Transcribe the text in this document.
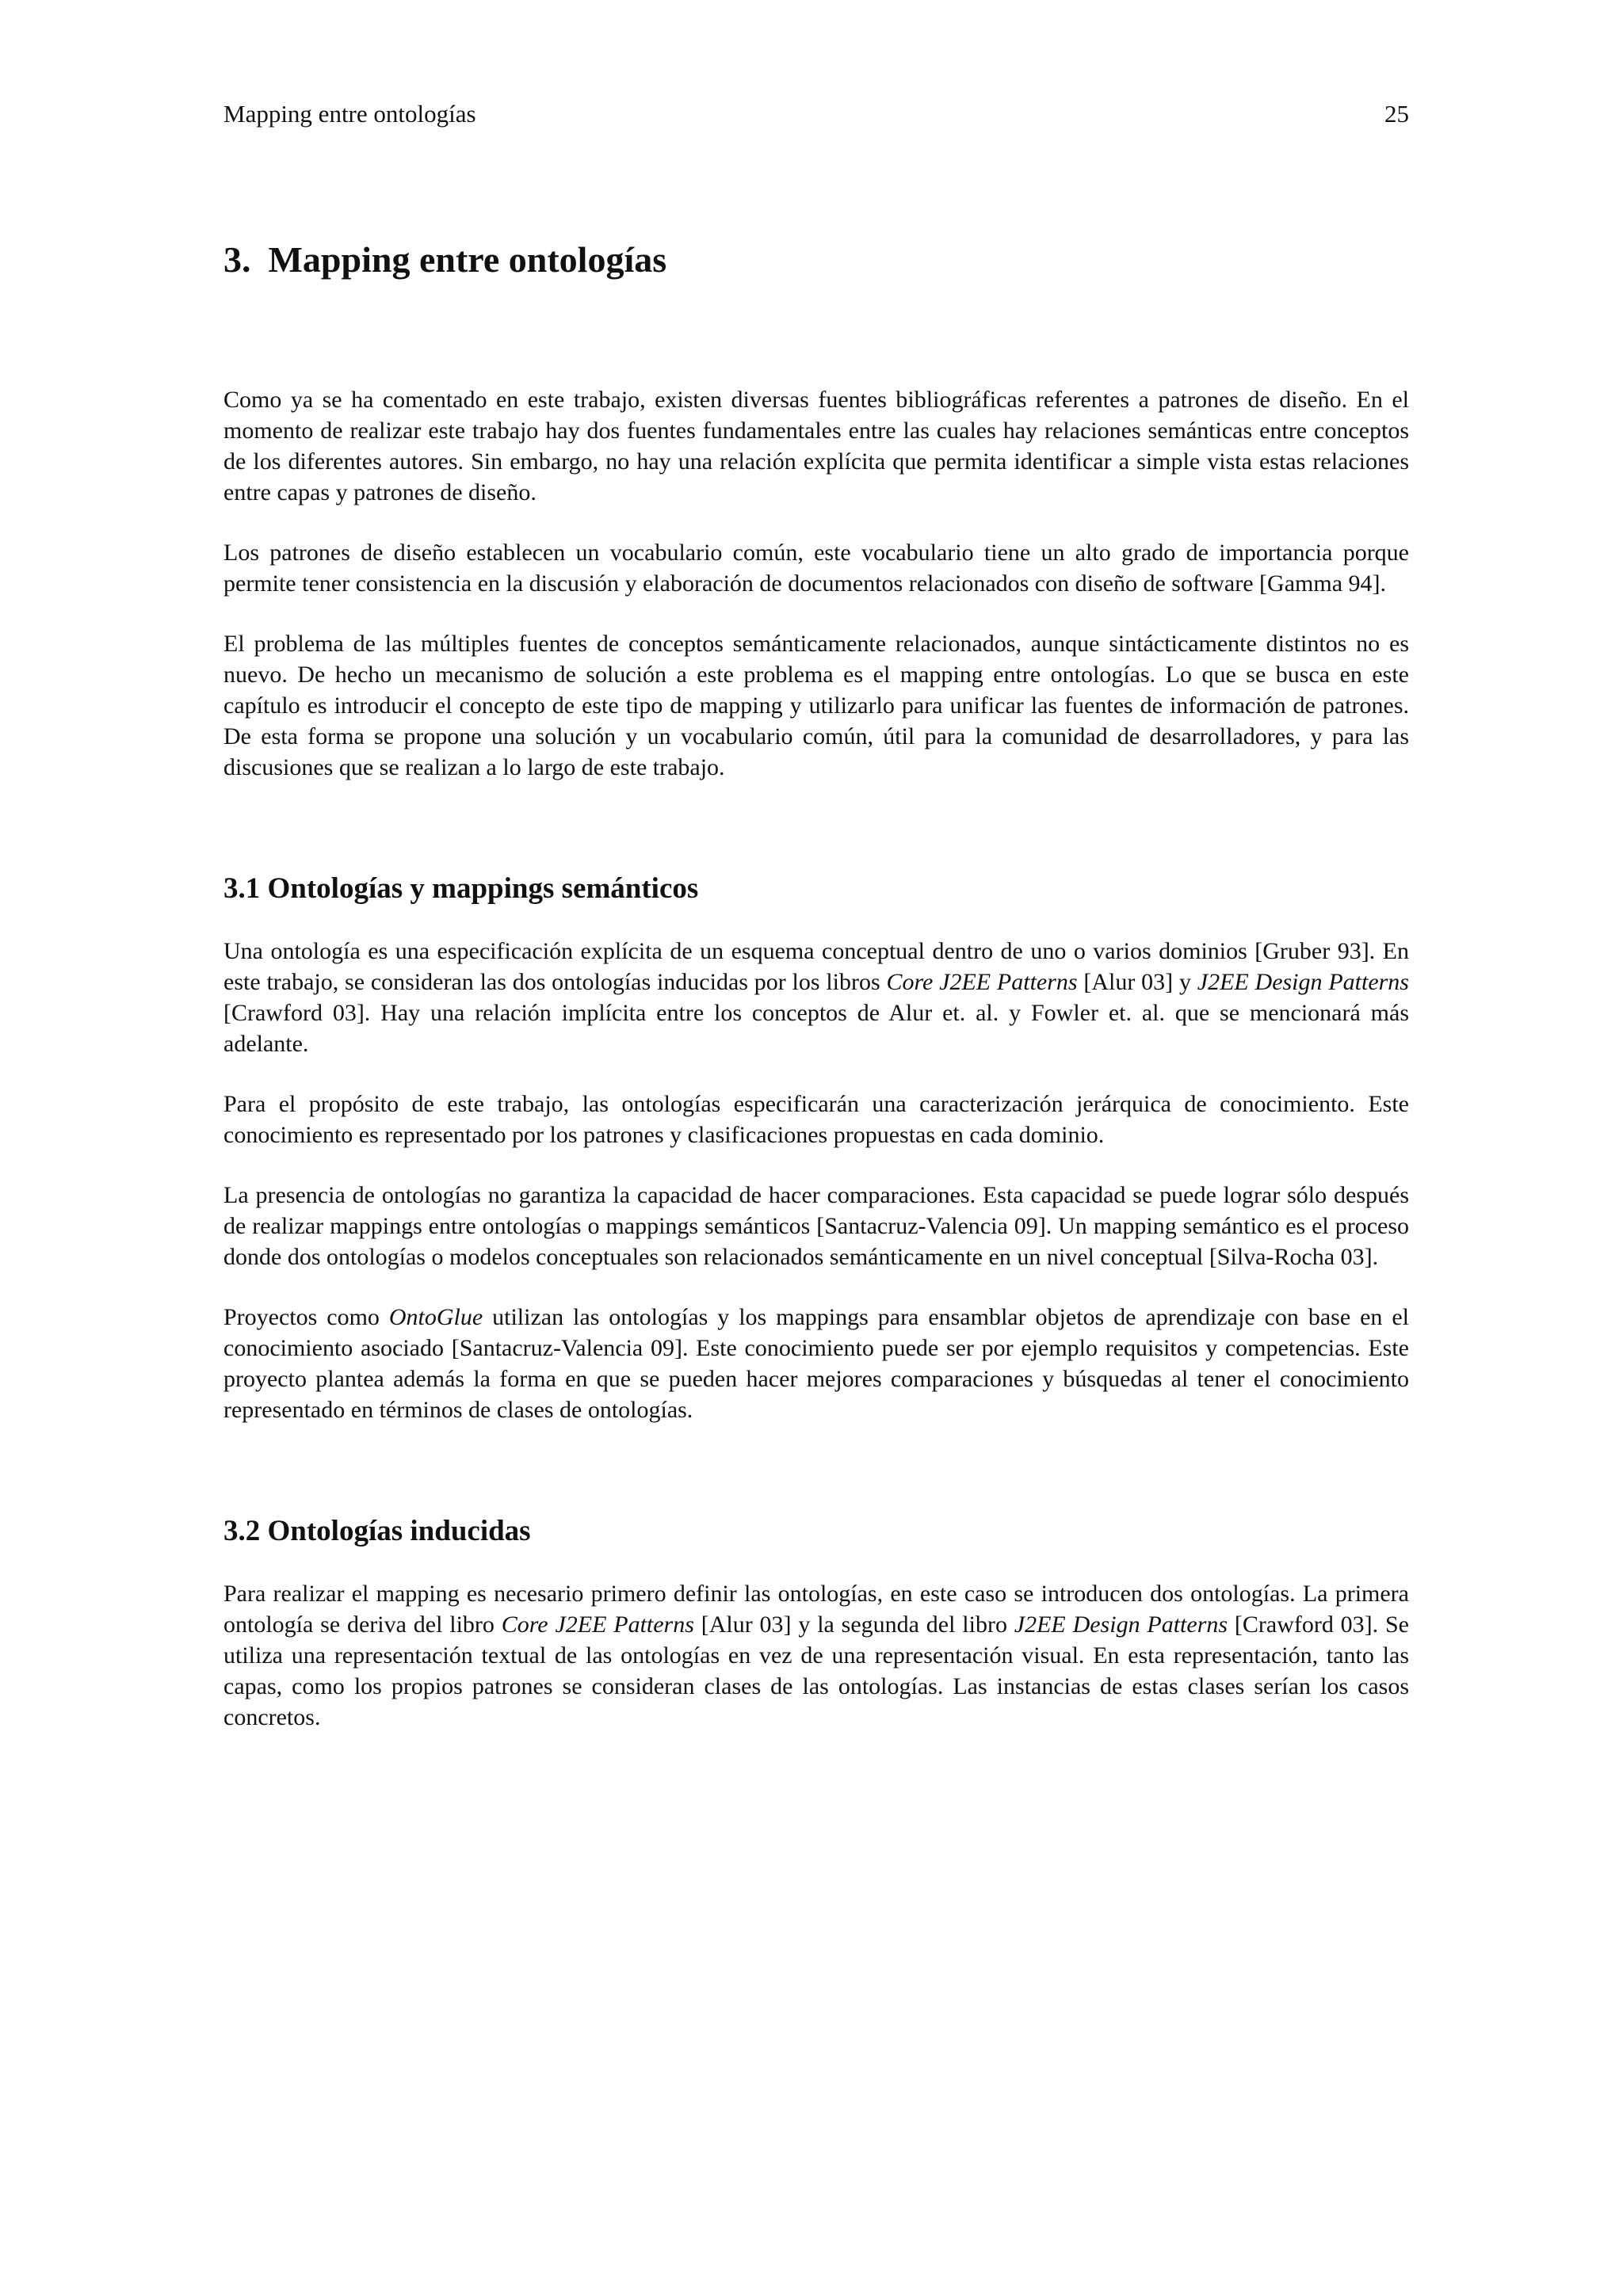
Mapping entre ontologías	25
3. Mapping entre ontologías

Como ya se ha comentado en este trabajo, existen diversas fuentes bibliográficas referentes a patrones de diseño. En el momento de realizar este trabajo hay dos fuentes fundamentales entre las cuales hay relaciones semánticas entre conceptos de los diferentes autores. Sin embargo, no hay una relación explícita que permita identificar a simple vista estas relaciones entre capas y patrones de diseño.

Los patrones de diseño establecen un vocabulario común, este vocabulario tiene un alto grado de importancia porque permite tener consistencia en la discusión y elaboración de documentos relacionados con diseño de software [Gamma 94].

El problema de las múltiples fuentes de conceptos semánticamente relacionados, aunque sintácticamente distintos no es nuevo. De hecho un mecanismo de solución a este problema es el mapping entre ontologías. Lo que se busca en este capítulo es introducir el concepto de este tipo de mapping y utilizarlo para unificar las fuentes de información de patrones. De esta forma se propone una solución y un vocabulario común, útil para la comunidad de desarrolladores, y para las discusiones que se realizan a lo largo de este trabajo.

3.1 Ontologías y mappings semánticos

Una ontología es una especificación explícita de un esquema conceptual dentro de uno o varios dominios [Gruber 93]. En este trabajo, se consideran las dos ontologías inducidas por los libros Core J2EE Patterns [Alur 03] y J2EE Design Patterns [Crawford 03]. Hay una relación implícita entre los conceptos de Alur et. al. y Fowler et. al. que se mencionará más adelante.

Para el propósito de este trabajo, las ontologías especificarán una caracterización jerárquica de conocimiento. Este conocimiento es representado por los patrones y clasificaciones propuestas en cada dominio.

La presencia de ontologías no garantiza la capacidad de hacer comparaciones. Esta capacidad se puede lograr sólo después de realizar mappings entre ontologías o mappings semánticos [Santacruz-Valencia 09]. Un mapping semántico es el proceso donde dos ontologías o modelos conceptuales son relacionados semánticamente en un nivel conceptual [Silva-Rocha 03].

Proyectos como OntoGlue utilizan las ontologías y los mappings para ensamblar objetos de aprendizaje con base en el conocimiento asociado [Santacruz-Valencia 09]. Este conocimiento puede ser por ejemplo requisitos y competencias. Este proyecto plantea además la forma en que se pueden hacer mejores comparaciones y búsquedas al tener el conocimiento representado en términos de clases de ontologías.

3.2 Ontologías inducidas

Para realizar el mapping es necesario primero definir las ontologías, en este caso se introducen dos ontologías. La primera ontología se deriva del libro Core J2EE Patterns [Alur 03] y la segunda del libro J2EE Design Patterns [Crawford 03]. Se utiliza una representación textual de las ontologías en vez de una representación visual. En esta representación, tanto las capas, como los propios patrones se consideran clases de las ontologías. Las instancias de estas clases serían los casos concretos.
